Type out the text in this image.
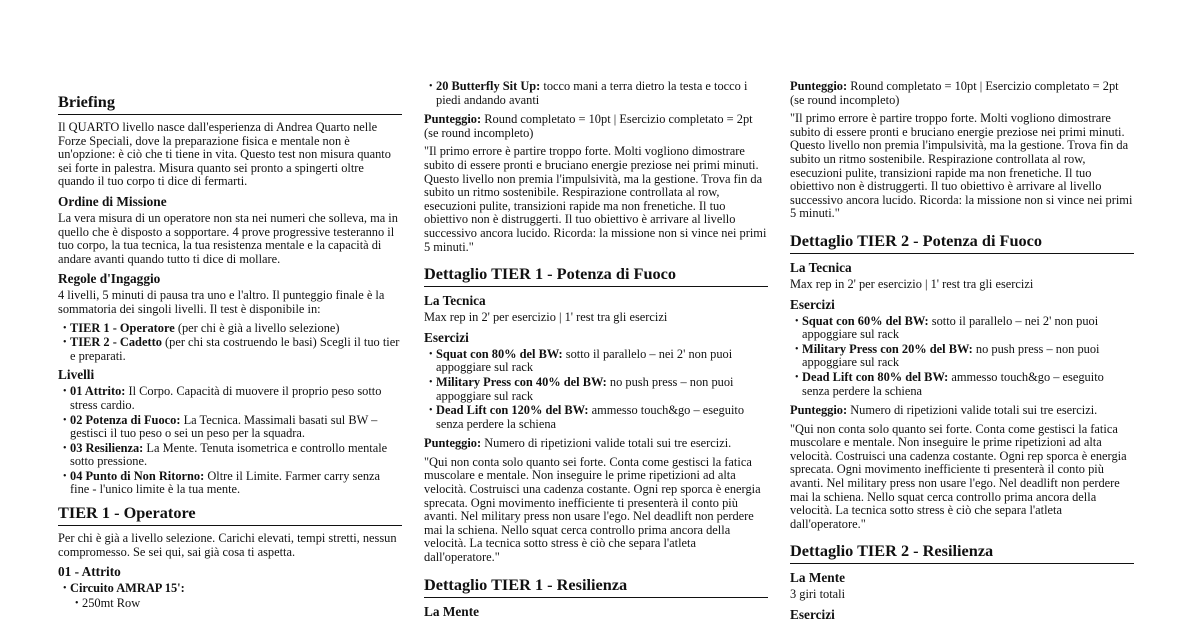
Briefing

Il QUARTO livello nasce dall'esperienza di Andrea Quarto nelle Forze Speciali, dove la preparazione fisica e mentale non è un'opzione: è ciò che ti tiene in vita. Questo test non misura quanto sei forte in palestra. Misura quanto sei pronto a spingerti oltre quando il tuo corpo ti dice di fermarti.

Ordine di Missione

La vera misura di un operatore non sta nei numeri che solleva, ma in quello che è disposto a sopportare. 4 prove progressive testeranno il tuo corpo, la tua tecnica, la tua resistenza mentale e la capacità di andare avanti quando tutto ti dice di mollare.

Regole d'Ingaggio

4 livelli, 5 minuti di pausa tra uno e l'altro. Il punteggio finale è la sommatoria dei singoli livelli. Il test è disponibile in:

• TIER 1 - Operatore (per chi è già a livello selezione)
• TIER 2 - Cadetto (per chi sta costruendo le basi) Scegli il tuo tier e preparati.
Livelli
• 01 Attrito: Il Corpo. Capacità di muovere il proprio peso sotto stress cardio.
• 02 Potenza di Fuoco: La Tecnica. Massimali basati sul BW – gestisci il tuo peso o sei un peso per la squadra.
• 03 Resilienza: La Mente. Tenuta isometrica e controllo mentale sotto pressione.
• 04 Punto di Non Ritorno: Oltre il Limite. Farmer carry senza fine - l'unico limite è la tua mente.
TIER 1 - Operatore

Per chi è già a livello selezione. Carichi elevati, tempi stretti, nessun compromesso. Se sei qui, sai già cosa ti aspetta.

01 - Attrito
• Circuito AMRAP 15':
• 250mt Row
• 20 Butterfly Sit Up: tocco mani a terra dietro la testa e tocco i piedi andando avanti

Punteggio: Round completato = 10pt | Esercizio completato = 2pt (se round incompleto)

"Il primo errore è partire troppo forte. Molti vogliono dimostrare subito di essere pronti e bruciano energie preziose nei primi minuti. Questo livello non premia l'impulsività, ma la gestione. Trova fin da subito un ritmo sostenibile. Respirazione controllata al row, esecuzioni pulite, transizioni rapide ma non frenetiche. Il tuo obiettivo non è distruggerti. Il tuo obiettivo è arrivare al livello successivo ancora lucido. Ricorda: la missione non si vince nei primi 5 minuti."

Dettaglio TIER 1 - Potenza di Fuoco
La Tecnica

Max rep in 2' per esercizio | 1' rest tra gli esercizi

Esercizi
• Squat con 80% del BW: sotto il parallelo – nei 2' non puoi appoggiare sul rack
• Military Press con 40% del BW: no push press – non puoi appoggiare sul rack
• Dead Lift con 120% del BW: ammesso touch&go – eseguito senza perdere la schiena

Punteggio: Numero di ripetizioni valide totali sui tre esercizi.

"Qui non conta solo quanto sei forte. Conta come gestisci la fatica muscolare e mentale. Non inseguire le prime ripetizioni ad alta velocità. Costruisci una cadenza costante. Ogni rep sporca è energia sprecata. Ogni movimento inefficiente ti presenterà il conto più avanti. Nel military press non usare l'ego. Nel deadlift non perdere mai la schiena. Nello squat cerca controllo prima ancora della velocità. La tecnica sotto stress è ciò che separa l'atleta dall'operatore."

Dettaglio TIER 1 - Resilienza
La Mente

Punteggio: Round completato = 10pt | Esercizio completato = 2pt (se round incompleto)

"Il primo errore è partire troppo forte. Molti vogliono dimostrare subito di essere pronti e bruciano energie preziose nei primi minuti. Questo livello non premia l'impulsività, ma la gestione. Trova fin da subito un ritmo sostenibile. Respirazione controllata al row, esecuzioni pulite, transizioni rapide ma non frenetiche. Il tuo obiettivo non è distruggerti. Il tuo obiettivo è arrivare al livello successivo ancora lucido. Ricorda: la missione non si vince nei primi 5 minuti."

Dettaglio TIER 2 - Potenza di Fuoco
La Tecnica

Max rep in 2' per esercizio | 1' rest tra gli esercizi

Esercizi
• Squat con 60% del BW: sotto il parallelo – nei 2' non puoi appoggiare sul rack
• Military Press con 20% del BW: no push press – non puoi appoggiare sul rack
• Dead Lift con 80% del BW: ammesso touch&go – eseguito senza perdere la schiena

Punteggio: Numero di ripetizioni valide totali sui tre esercizi.

"Qui non conta solo quanto sei forte. Conta come gestisci la fatica muscolare e mentale. Non inseguire le prime ripetizioni ad alta velocità. Costruisci una cadenza costante. Ogni rep sporca è energia sprecata. Ogni movimento inefficiente ti presenterà il conto più avanti. Nel military press non usare l'ego. Nel deadlift non perdere mai la schiena. Nello squat cerca controllo prima ancora della velocità. La tecnica sotto stress è ciò che separa l'atleta dall'operatore."

Dettaglio TIER 2 - Resilienza
La Mente

3 giri totali

Esercizi
